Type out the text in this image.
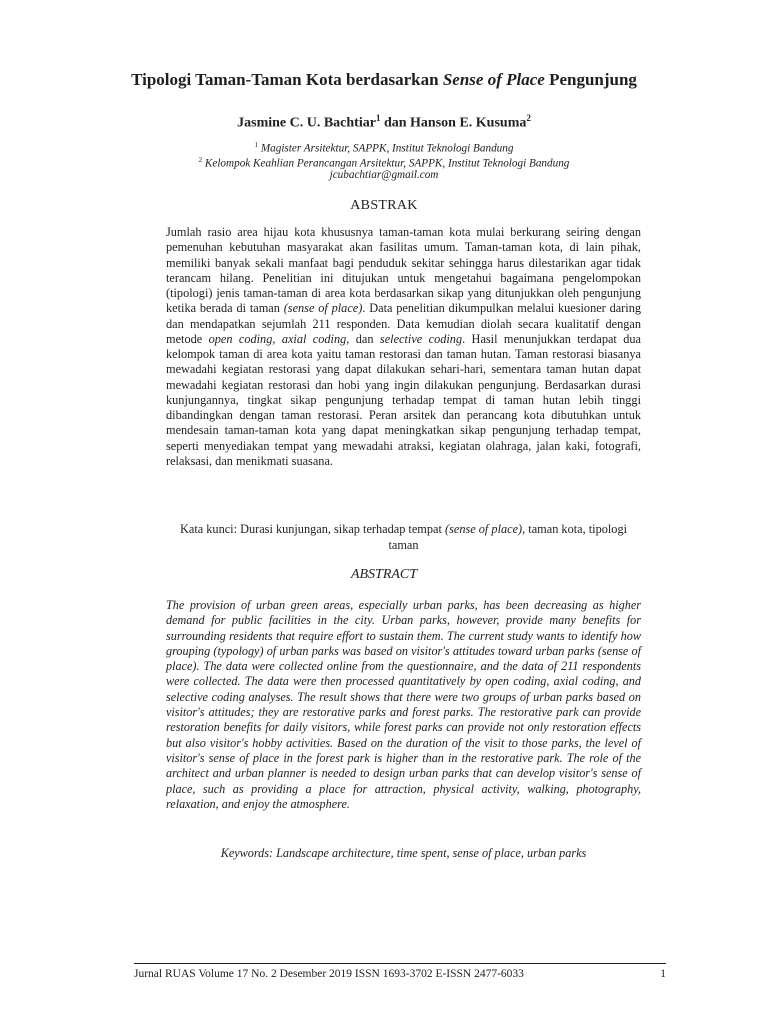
Tipologi Taman-Taman Kota berdasarkan Sense of Place Pengunjung
Jasmine C. U. Bachtiar$^1$ dan Hanson E. Kusuma$^2$
$^1$ Magister Arsitektur, SAPPK, Institut Teknologi Bandung
$^2$ Kelompok Keahlian Perancangan Arsitektur, SAPPK, Institut Teknologi Bandung
jcubachtiar@gmail.com
ABSTRAK
Jumlah rasio area hijau kota khususnya taman-taman kota mulai berkurang seiring dengan pemenuhan kebutuhan masyarakat akan fasilitas umum. Taman-taman kota, di lain pihak, memiliki banyak sekali manfaat bagi penduduk sekitar sehingga harus dilestarikan agar tidak terancam hilang. Penelitian ini ditujukan untuk mengetahui bagaimana pengelompokan (tipologi) jenis taman-taman di area kota berdasarkan sikap yang ditunjukkan oleh pengunjung ketika berada di taman (sense of place). Data penelitian dikumpulkan melalui kuesioner daring dan mendapatkan sejumlah 211 responden. Data kemudian diolah secara kualitatif dengan metode open coding, axial coding, dan selective coding. Hasil menunjukkan terdapat dua kelompok taman di area kota yaitu taman restorasi dan taman hutan. Taman restorasi biasanya mewadahi kegiatan restorasi yang dapat dilakukan sehari-hari, sementara taman hutan dapat mewadahi kegiatan restorasi dan hobi yang ingin dilakukan pengunjung. Berdasarkan durasi kunjungannya, tingkat sikap pengunjung terhadap tempat di taman hutan lebih tinggi dibandingkan dengan taman restorasi. Peran arsitek dan perancang kota dibutuhkan untuk mendesain taman-taman kota yang dapat meningkatkan sikap pengunjung terhadap tempat, seperti menyediakan tempat yang mewadahi atraksi, kegiatan olahraga, jalan kaki, fotografi, relaksasi, dan menikmati suasana.
Kata kunci: Durasi kunjungan, sikap terhadap tempat (sense of place), taman kota, tipologi taman
ABSTRACT
The provision of urban green areas, especially urban parks, has been decreasing as higher demand for public facilities in the city. Urban parks, however, provide many benefits for surrounding residents that require effort to sustain them. The current study wants to identify how grouping (typology) of urban parks was based on visitor's attitudes toward urban parks (sense of place). The data were collected online from the questionnaire, and the data of 211 respondents were collected. The data were then processed quantitatively by open coding, axial coding, and selective coding analyses. The result shows that there were two groups of urban parks based on visitor's attitudes; they are restorative parks and forest parks. The restorative park can provide restoration benefits for daily visitors, while forest parks can provide not only restoration effects but also visitor's hobby activities. Based on the duration of the visit to those parks, the level of visitor's sense of place in the forest park is higher than in the restorative park. The role of the architect and urban planner is needed to design urban parks that can develop visitor's sense of place, such as providing a place for attraction, physical activity, walking, photography, relaxation, and enjoy the atmosphere.
Keywords: Landscape architecture, time spent, sense of place, urban parks
Jurnal RUAS Volume 17 No. 2 Desember 2019 ISSN 1693-3702 E-ISSN 2477-6033	1
